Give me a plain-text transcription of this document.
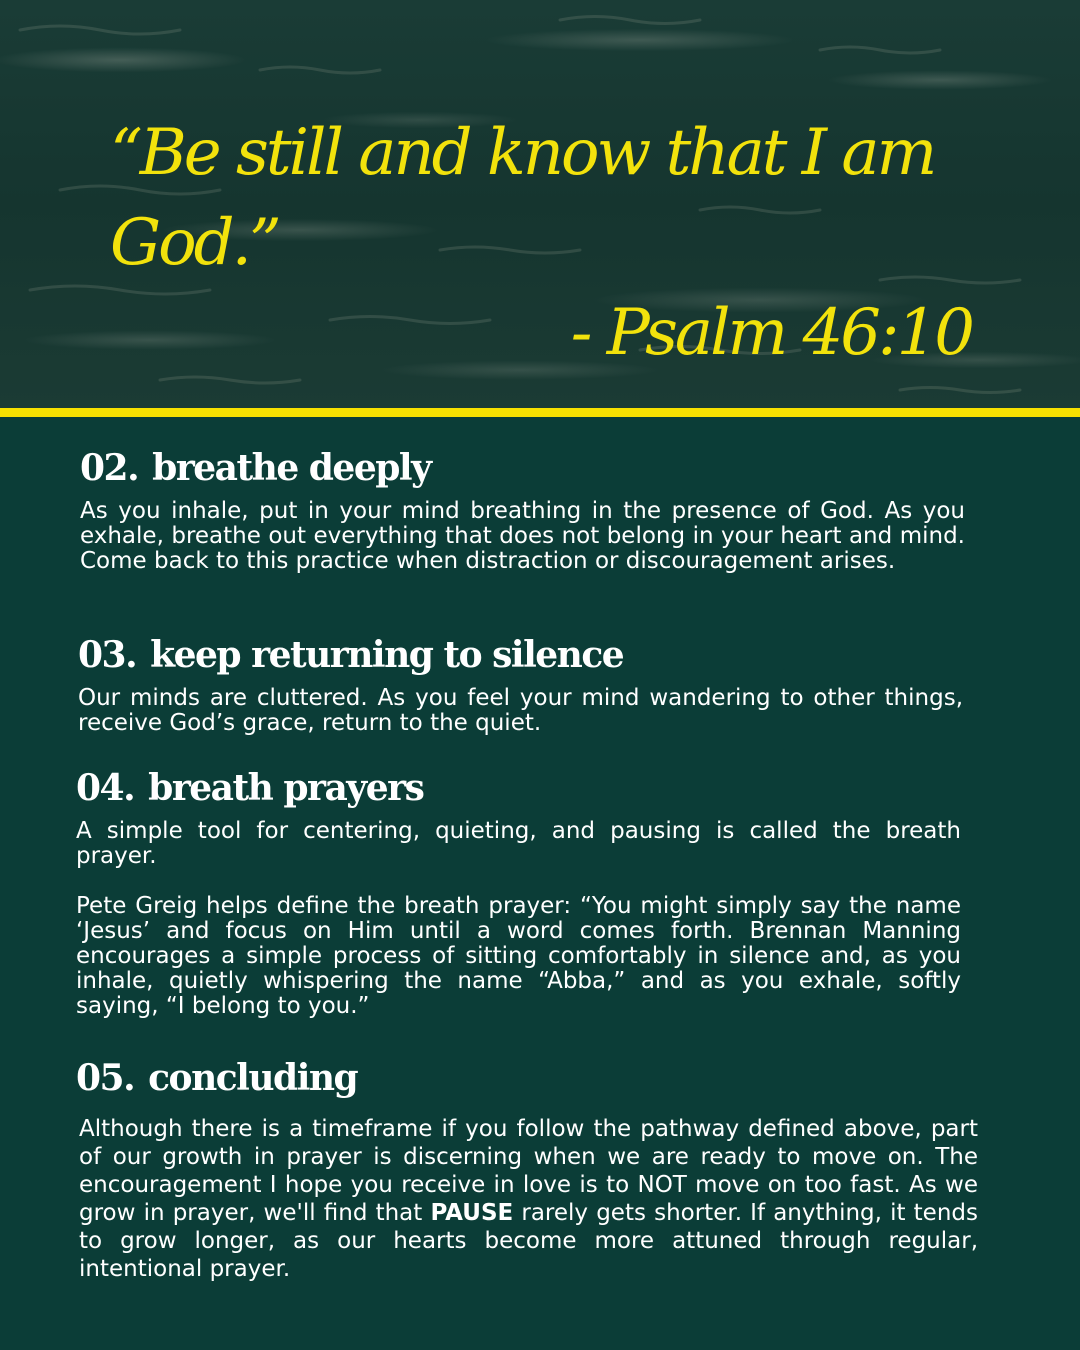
“Be still and know that I am God.”
- Psalm 46:10
02. breathe deeply

As you inhale, put in your mind breathing in the presence of God. As you exhale, breathe out everything that does not belong in your heart and mind. Come back to this practice when distraction or discouragement arises.

03. keep returning to silence

Our minds are cluttered. As you feel your mind wandering to other things, receive God’s grace, return to the quiet.

04. breath prayers

A simple tool for centering, quieting, and pausing is called the breath prayer.

Pete Greig helps define the breath prayer: “You might simply say the name ‘Jesus’ and focus on Him until a word comes forth. Brennan Manning encourages a simple process of sitting comfortably in silence and, as you inhale, quietly whispering the name “Abba,” and as you exhale, softly saying, “I belong to you.”

05. concluding

Although there is a timeframe if you follow the pathway defined above, part of our growth in prayer is discerning when we are ready to move on. The encouragement I hope you receive in love is to NOT move on too fast. As we grow in prayer, we'll find that PAUSE rarely gets shorter. If anything, it tends to grow longer, as our hearts become more attuned through regular, intentional prayer.
